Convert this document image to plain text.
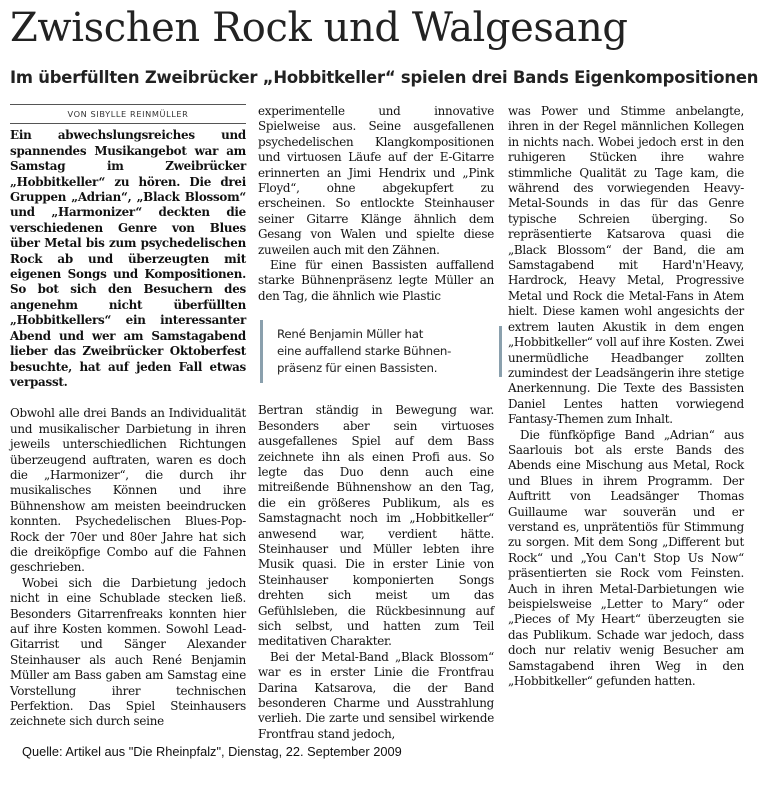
Zwischen Rock und Walgesang
Im überfüllten Zweibrücker „Hobbitkeller“ spielen drei Bands Eigenkompositionen
VON SIBYLLE REINMÜLLER

Ein abwechslungsreiches und spannendes Musikangebot war am Samstag im Zweibrücker „Hobbitkeller“ zu hören. Die drei Gruppen „Adrian“, „Black Blossom“ und „Harmonizer“ deckten die verschiedenen Genre von Blues über Metal bis zum psychedelischen Rock ab und überzeugten mit eigenen Songs und Kompositionen. So bot sich den Besuchern des angenehm nicht überfüllten „Hobbitkellers“ ein interessanter Abend und wer am Samstagabend lieber das Zweibrücker Oktoberfest besuchte, hat auf jeden Fall etwas verpasst.

Obwohl alle drei Bands an Individualität und musikalischer Darbietung in ihren jeweils unterschiedlichen Richtungen überzeugend auftraten, waren es doch die „Harmonizer“, die durch ihr musikalisches Können und ihre Bühnenshow am meisten beeindrucken konnten. Psychedelischen Blues-Pop-Rock der 70er und 80er Jahre hat sich die dreiköpfige Combo auf die Fahnen geschrieben.

Wobei sich die Darbietung jedoch nicht in eine Schublade stecken ließ. Besonders Gitarrenfreaks konnten hier auf ihre Kosten kommen. Sowohl Lead-Gitarrist und Sänger Alexander Steinhauser als auch René Benjamin Müller am Bass gaben am Samstag eine Vorstellung ihrer technischen Perfektion. Das Spiel Steinhausers zeichnete sich durch seine

experimentelle und innovative Spielweise aus. Seine ausgefallenen psychedelischen Klangkompositionen und virtuosen Läufe auf der E-Gitarre erinnerten an Jimi Hendrix und „Pink Floyd“, ohne abgekupfert zu erscheinen. So entlockte Steinhauser seiner Gitarre Klänge ähnlich dem Gesang von Walen und spielte diese zuweilen auch mit den Zähnen.

Eine für einen Bassisten auffallend starke Bühnenpräsenz legte Müller an den Tag, die ähnlich wie Plastic

René Benjamin Müller hat
eine auffallend starke Bühnen-
präsenz für einen Bassisten.

Bertran ständig in Bewegung war. Besonders aber sein virtuoses ausgefallenes Spiel auf dem Bass zeichnete ihn als einen Profi aus. So legte das Duo denn auch eine mitreißende Bühnenshow an den Tag, die ein größeres Publikum, als es Samstagnacht noch im „Hobbitkeller“ anwesend war, verdient hätte. Steinhauser und Müller lebten ihre Musik quasi. Die in erster Linie von Steinhauser komponierten Songs drehten sich meist um das Gefühlsleben, die Rückbesinnung auf sich selbst, und hatten zum Teil meditativen Charakter.

Bei der Metal-Band „Black Blossom“ war es in erster Linie die Frontfrau Darina Katsarova, die der Band besonderen Charme und Ausstrahlung verlieh. Die zarte und sensibel wirkende Frontfrau stand jedoch,

was Power und Stimme anbelangte, ihren in der Regel männlichen Kollegen in nichts nach. Wobei jedoch erst in den ruhigeren Stücken ihre wahre stimmliche Qualität zu Tage kam, die während des vorwiegenden Heavy-Metal-Sounds in das für das Genre typische Schreien überging. So repräsentierte Katsarova quasi die „Black Blossom“ der Band, die am Samstagabend mit Hard'n'Heavy, Hardrock, Heavy Metal, Progressive Metal und Rock die Metal-Fans in Atem hielt. Diese kamen wohl angesichts der extrem lauten Akustik in dem engen „Hobbitkeller“ voll auf ihre Kosten. Zwei unermüdliche Headbanger zollten zumindest der Leadsängerin ihre stetige Anerkennung. Die Texte des Bassisten Daniel Lentes hatten vorwiegend Fantasy-Themen zum Inhalt.

Die fünfköpfige Band „Adrian“ aus Saarlouis bot als erste Bands des Abends eine Mischung aus Metal, Rock und Blues in ihrem Programm. Der Auftritt von Leadsänger Thomas Guillaume war souverän und er verstand es, unprätentiös für Stimmung zu sorgen. Mit dem Song „Different but Rock“ und „You Can't Stop Us Now“ präsentierten sie Rock vom Feinsten. Auch in ihren Metal-Darbietungen wie beispielsweise „Letter to Mary“ oder „Pieces of My Heart“ überzeugten sie das Publikum. Schade war jedoch, dass doch nur relativ wenig Besucher am Samstagabend ihren Weg in den „Hobbitkeller“ gefunden hatten.

Quelle: Artikel aus "Die Rheinpfalz", Dienstag, 22. September 2009
